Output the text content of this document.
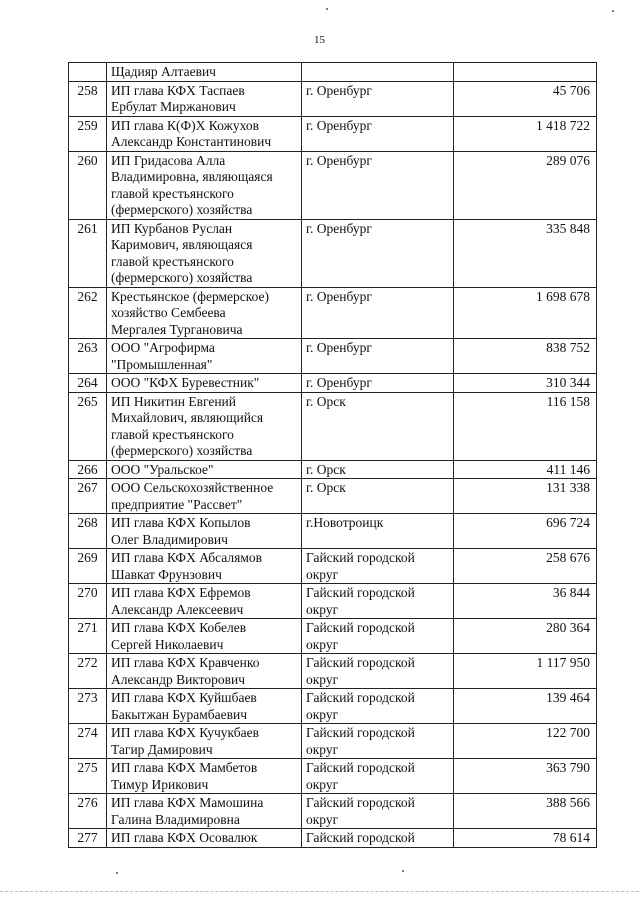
15

	Щадияр Алтаевич		

258	ИП глава КФХ Таспаев
Ербулат Миржанович	г. Оренбург	45 706
259	ИП глава К(Ф)Х Кожухов
Александр Константинович	г. Оренбург	1 418 722
260	ИП Гридасова Алла
Владимировна, являющаяся
главой крестьянского
(фермерского) хозяйства	г. Оренбург	289 076
261	ИП Курбанов Руслан
Каримович, являющаяся
главой крестьянского
(фермерского) хозяйства	г. Оренбург	335 848
262	Крестьянское (фермерское)
хозяйство Сембеева
Мергалея Тургановича	г. Оренбург	1 698 678
263	ООО "Агрофирма
"Промышленная"	г. Оренбург	838 752
264	ООО "КФХ Буревестник"	г. Оренбург	310 344
265	ИП Никитин Евгений
Михайлович, являющийся
главой крестьянского
(фермерского) хозяйства	г. Орск	116 158
266	ООО "Уральское"	г. Орск	411 146
267	ООО Сельскохозяйственное
предприятие "Рассвет"	г. Орск	131 338
268	ИП глава КФХ Копылов
Олег Владимирович	г.Новотроицк	696 724
269	ИП глава КФХ Абсалямов
Шавкат Фрунзович	Гайский городской
округ	258 676
270	ИП глава КФХ Ефремов
Александр Алексеевич	Гайский городской
округ	36 844
271	ИП глава КФХ Кобелев
Сергей Николаевич	Гайский городской
округ	280 364
272	ИП глава КФХ Кравченко
Александр Викторович	Гайский городской
округ	1 117 950
273	ИП глава КФХ Куйшбаев
Бакытжан Бурамбаевич	Гайский городской
округ	139 464
274	ИП глава КФХ Кучукбаев
Тагир Дамирович	Гайский городской
округ	122 700
275	ИП глава КФХ Мамбетов
Тимур Ирикович	Гайский городской
округ	363 790
276	ИП глава КФХ Мамошина
Галина Владимировна	Гайский городской
округ	388 566
277	ИП глава КФХ Осовалюк	Гайский городской	78 614
